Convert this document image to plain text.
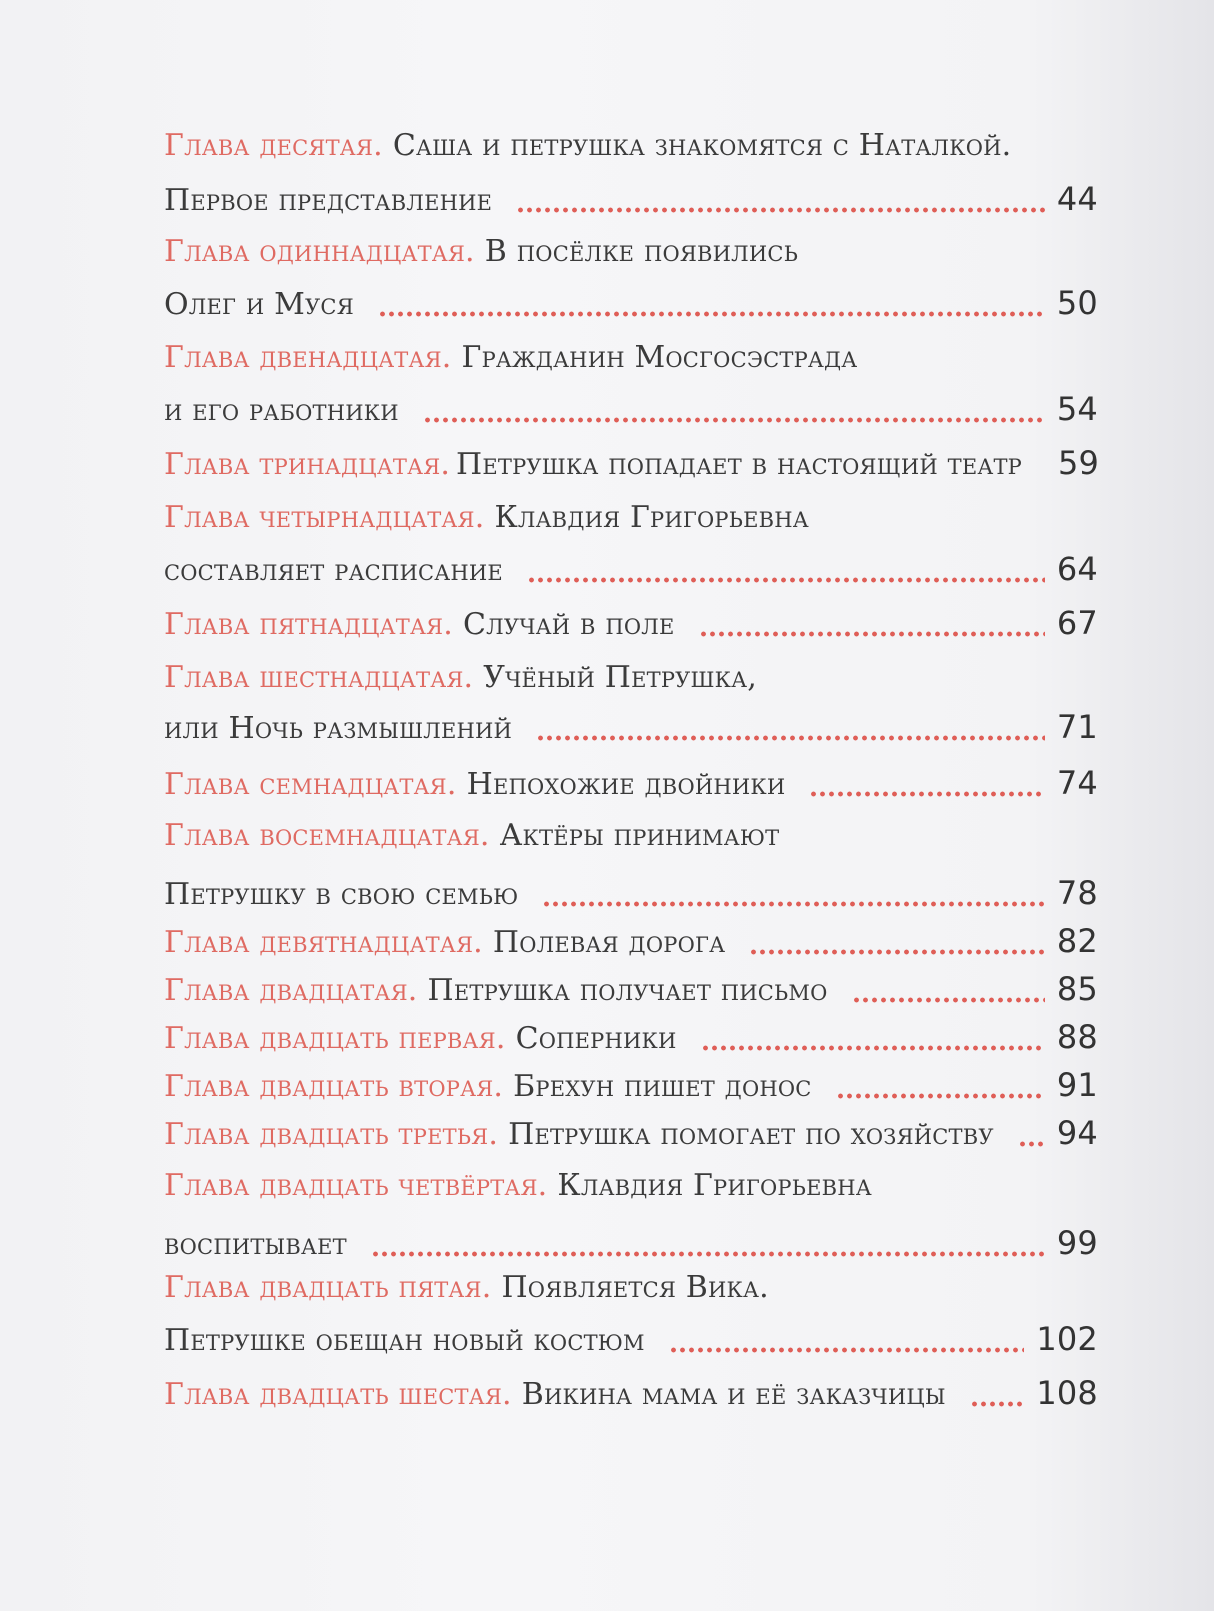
Глава десятая. Саша и петрушка знакомятся с Наталкой.
Первое представление	44
Глава одиннадцатая. В посёлке появились
Олег и Муся	50
Глава двенадцатая. Гражданин Мосгосэстрада
и его работники	54
Глава тринадцатая. Петрушка попадает в настоящий театр 59
Глава четырнадцатая. Клавдия Григорьевна
составляет расписание	64
Глава пятнадцатая. Случай в поле	67
Глава шестнадцатая. Учёный Петрушка,
или Ночь размышлений	71
Глава семнадцатая. Непохожие двойники	74
Глава восемнадцатая. Актёры принимают
Петрушку в свою семью	78
Глава девятнадцатая. Полевая дорога	82
Глава двадцатая. Петрушка получает письмо	85
Глава двадцать первая. Соперники	88
Глава двадцать вторая. Брехун пишет донос	91
Глава двадцать третья. Петрушка помогает по хозяйству 94
Глава двадцать четвёртая. Клавдия Григорьевна
воспитывает	99
Глава двадцать пятая. Появляется Вика.
Петрушке обещан новый костюм	102
Глава двадцать шестая. Викина мама и её заказчицы	108
